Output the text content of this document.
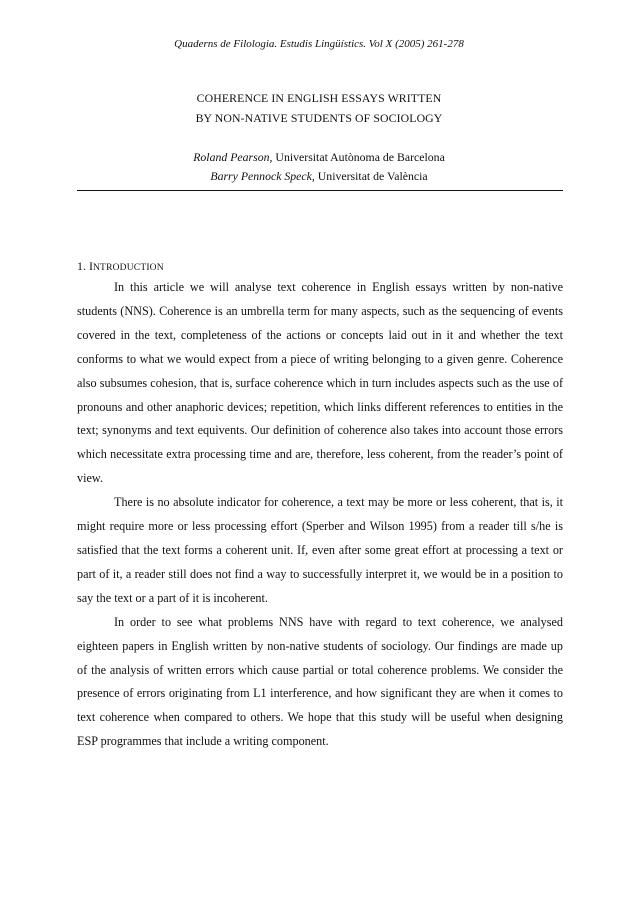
Quaderns de Filologia. Estudis Lingüístics. Vol X (2005) 261-278
COHERENCE IN ENGLISH ESSAYS WRITTEN
BY NON-NATIVE STUDENTS OF SOCIOLOGY
Roland Pearson, Universitat Autònoma de Barcelona
Barry Pennock Speck, Universitat de València
1. INTRODUCTION

In this article we will analyse text coherence in English essays written by non-native students (NNS). Coherence is an umbrella term for many aspects, such as the sequencing of events covered in the text, completeness of the actions or concepts laid out in it and whether the text conforms to what we would expect from a piece of writing belonging to a given genre. Coherence also subsumes cohesion, that is, surface coherence which in turn includes aspects such as the use of pronouns and other anaphoric devices; repetition, which links different references to entities in the text; synonyms and text equivents. Our definition of coherence also takes into account those errors which necessitate extra processing time and are, therefore, less coherent, from the reader’s point of view.

There is no absolute indicator for coherence, a text may be more or less coherent, that is, it might require more or less processing effort (Sperber and Wilson 1995) from a reader till s/he is satisfied that the text forms a coherent unit. If, even after some great effort at processing a text or part of it, a reader still does not find a way to successfully interpret it, we would be in a position to say the text or a part of it is incoherent.

In order to see what problems NNS have with regard to text coherence, we analysed eighteen papers in English written by non-native students of sociology. Our findings are made up of the analysis of written errors which cause partial or total coherence problems. We consider the presence of errors originating from L1 interference, and how significant they are when it comes to text coherence when compared to others. We hope that this study will be useful when designing ESP programmes that include a writing component.
